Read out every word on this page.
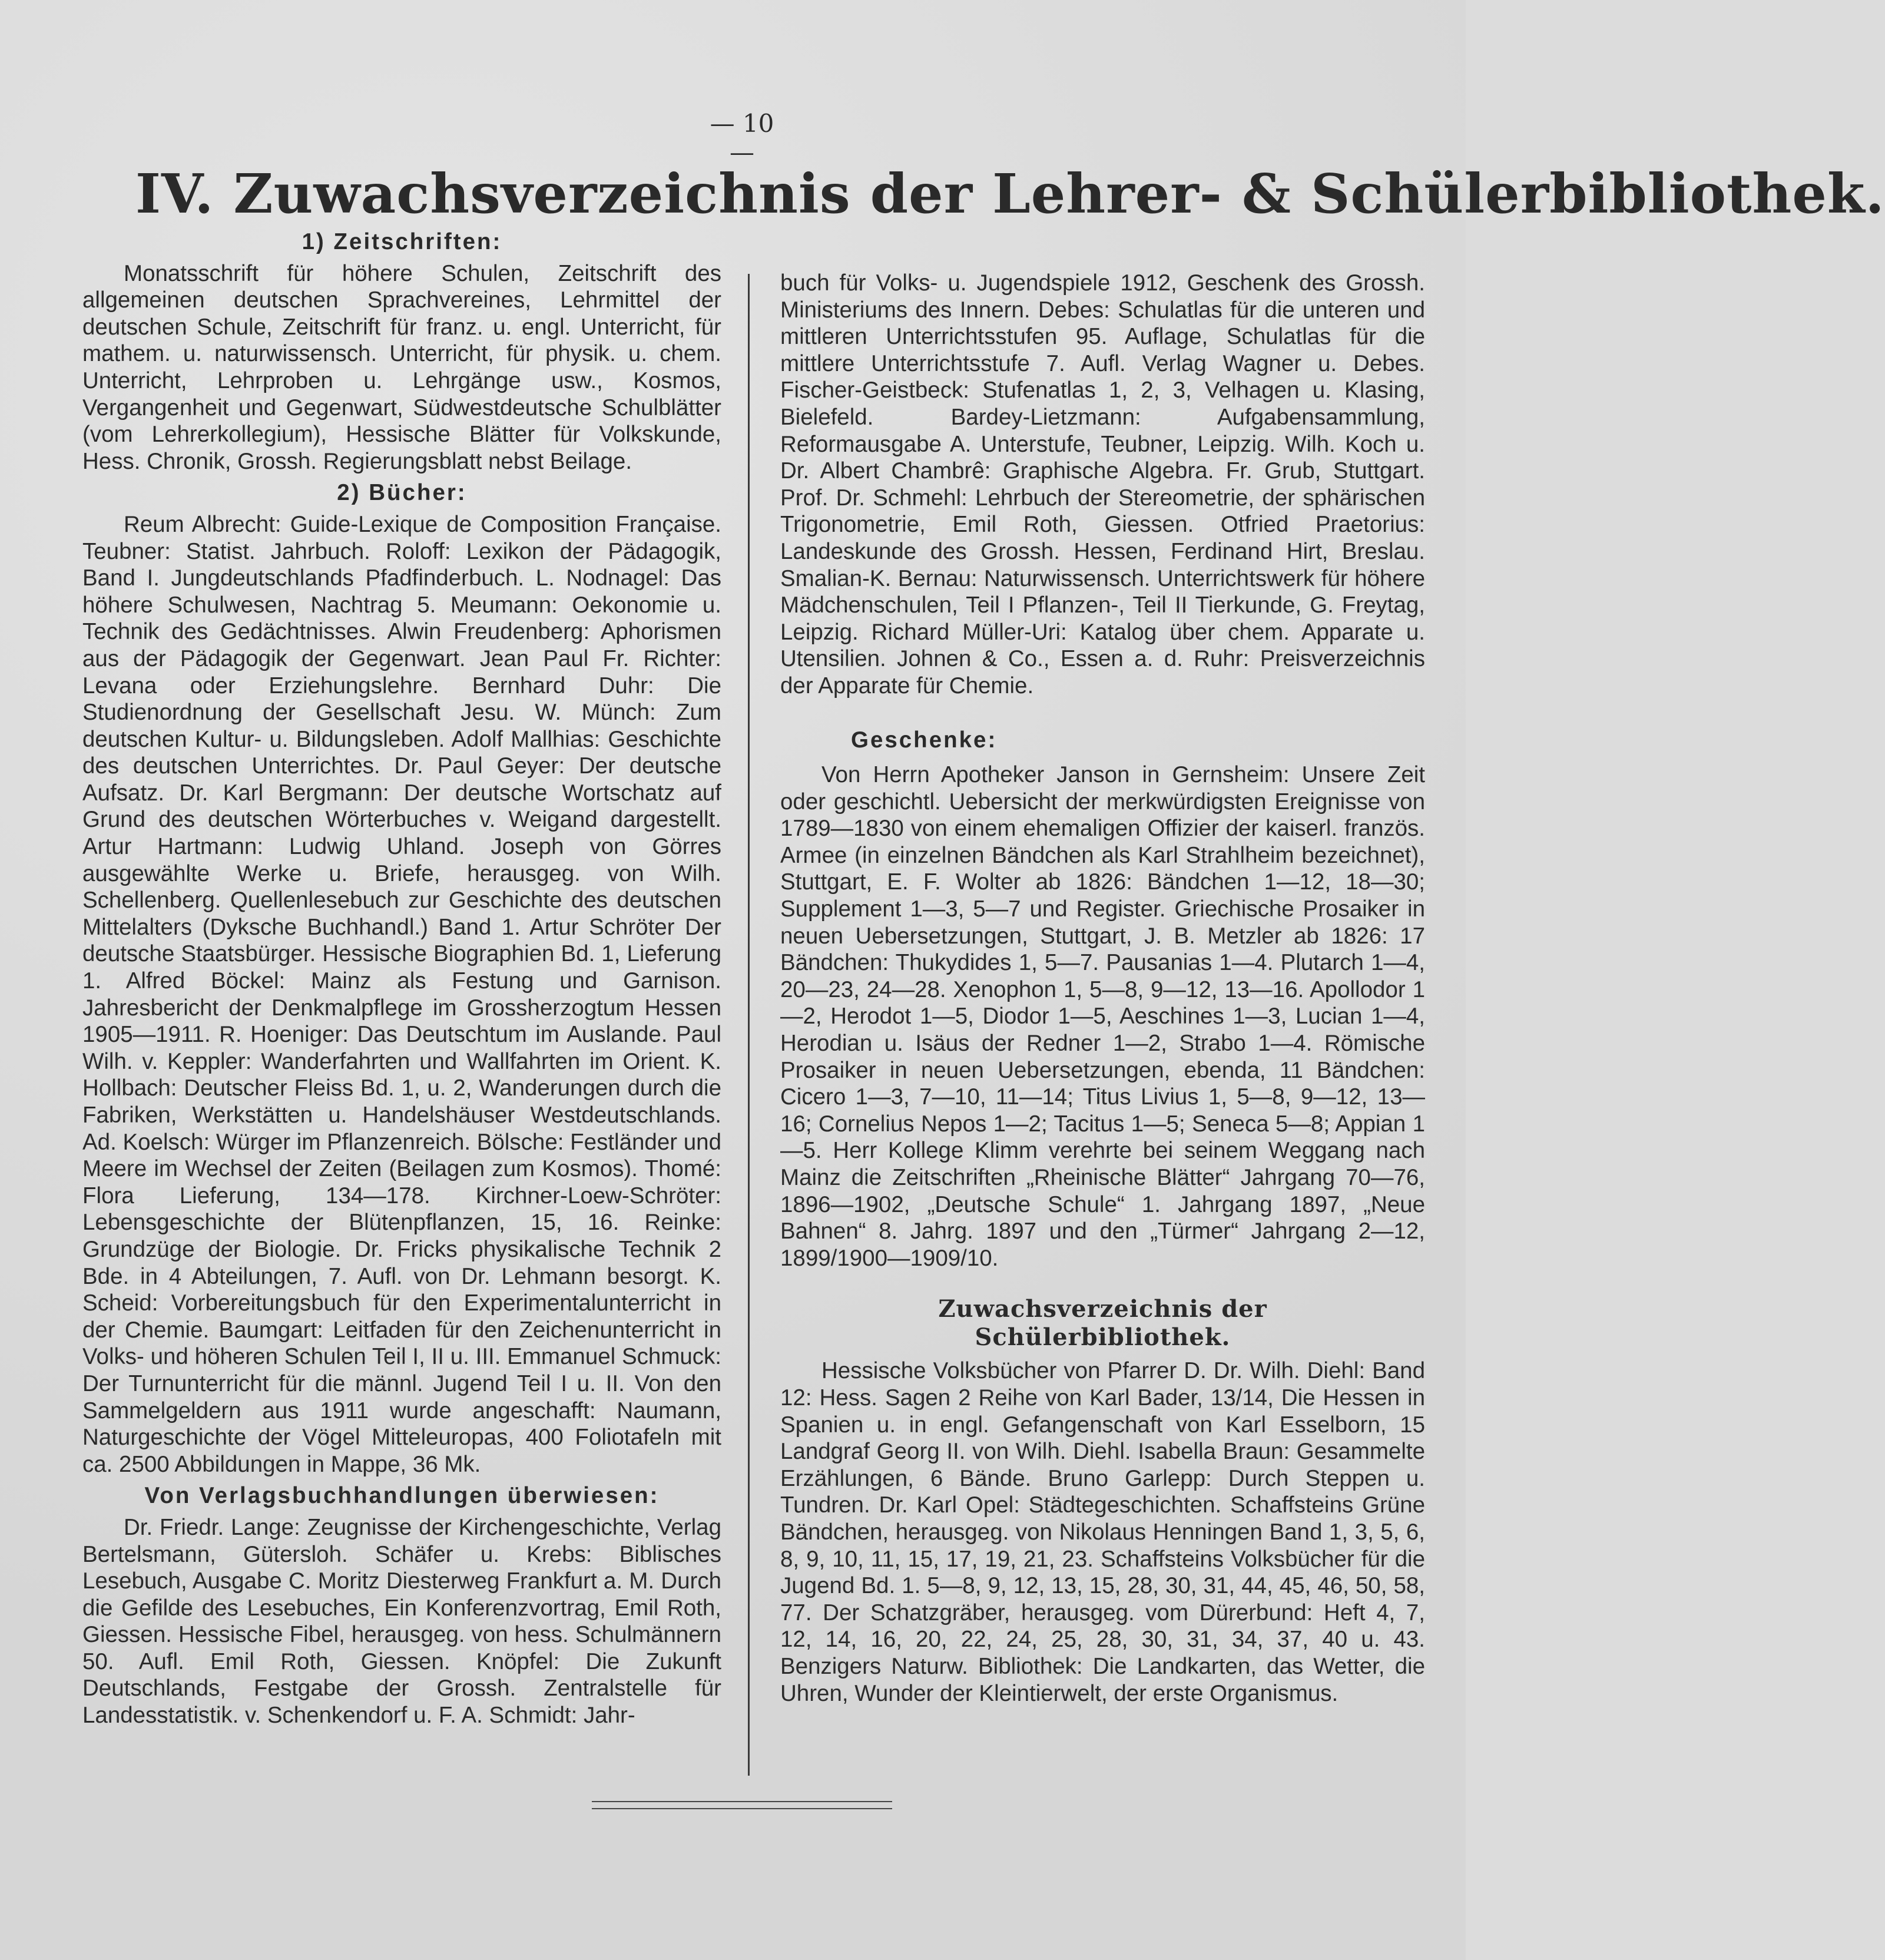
— 10 —
IV. Zuwachsverzeichnis der Lehrer- & Schülerbibliothek.
1) Zeitschriften:

Monatsschrift für höhere Schulen, Zeitschrift des allgemeinen deutschen Sprachvereines, Lehrmittel der deutschen Schule, Zeitschrift für franz. u. engl. Unterricht, für mathem. u. naturwissensch. Unterricht, für physik. u. chem. Unterricht, Lehrproben u. Lehrgänge usw., Kosmos, Vergangenheit und Gegenwart, Südwestdeutsche Schulblätter (vom Lehrerkollegium), Hessische Blätter für Volkskunde, Hess. Chronik, Grossh. Regierungsblatt nebst Beilage.

2) Bücher:

Reum Albrecht: Guide-Lexique de Composition Française. Teubner: Statist. Jahrbuch. Roloff: Lexikon der Pädagogik, Band I. Jungdeutschlands Pfadfinderbuch. L. Nodnagel: Das höhere Schulwesen, Nachtrag 5. Meumann: Oekonomie u. Technik des Gedächtnisses. Alwin Freudenberg: Aphorismen aus der Pädagogik der Gegenwart. Jean Paul Fr. Richter: Levana oder Erziehungslehre. Bernhard Duhr: Die Studienordnung der Gesellschaft Jesu. W. Münch: Zum deutschen Kultur- u. Bildungsleben. Adolf Mallhias: Geschichte des deutschen Unterrichtes. Dr. Paul Geyer: Der deutsche Aufsatz. Dr. Karl Bergmann: Der deutsche Wortschatz auf Grund des deutschen Wörterbuches v. Weigand dargestellt. Artur Hartmann: Ludwig Uhland. Joseph von Görres ausgewählte Werke u. Briefe, herausgeg. von Wilh. Schellenberg. Quellenlesebuch zur Geschichte des deutschen Mittelalters (Dyksche Buchhandl.) Band 1. Artur Schröter Der deutsche Staatsbürger. Hessische Biographien Bd. 1, Lieferung 1. Alfred Böckel: Mainz als Festung und Garnison. Jahresbericht der Denkmalpflege im Grossherzogtum Hessen 1905—1911. R. Hoeniger: Das Deutschtum im Auslande. Paul Wilh. v. Keppler: Wanderfahrten und Wallfahrten im Orient. K. Hollbach: Deutscher Fleiss Bd. 1, u. 2, Wanderungen durch die Fabriken, Werkstätten u. Handelshäuser Westdeutschlands. Ad. Koelsch: Würger im Pflanzenreich. Bölsche: Festländer und Meere im Wechsel der Zeiten (Beilagen zum Kosmos). Thomé: Flora Lieferung, 134—178. Kirchner-Loew-Schröter: Lebensgeschichte der Blütenpflanzen, 15, 16. Reinke: Grundzüge der Biologie. Dr. Fricks physikalische Technik 2 Bde. in 4 Abteilungen, 7. Aufl. von Dr. Lehmann besorgt. K. Scheid: Vorbereitungsbuch für den Experimentalunterricht in der Chemie. Baumgart: Leitfaden für den Zeichenunterricht in Volks- und höheren Schulen Teil I, II u. III. Emmanuel Schmuck: Der Turnunterricht für die männl. Jugend Teil I u. II. Von den Sammelgeldern aus 1911 wurde angeschafft: Naumann, Naturgeschichte der Vögel Mitteleuropas, 400 Foliotafeln mit ca. 2500 Abbildungen in Mappe, 36 Mk.

Von Verlagsbuchhandlungen überwiesen:

Dr. Friedr. Lange: Zeugnisse der Kirchengeschichte, Verlag Bertelsmann, Gütersloh. Schäfer u. Krebs: Biblisches Lesebuch, Ausgabe C. Moritz Diesterweg Frankfurt a. M. Durch die Gefilde des Lesebuches, Ein Konferenzvortrag, Emil Roth, Giessen. Hessische Fibel, herausgeg. von hess. Schulmännern 50. Aufl. Emil Roth, Giessen. Knöpfel: Die Zukunft Deutschlands, Festgabe der Grossh. Zentralstelle für Landesstatistik. v. Schenkendorf u. F. A. Schmidt: Jahr-

buch für Volks- u. Jugendspiele 1912, Geschenk des Grossh. Ministeriums des Innern. Debes: Schulatlas für die unteren und mittleren Unterrichtsstufen 95. Auflage, Schulatlas für die mittlere Unterrichtsstufe 7. Aufl. Verlag Wagner u. Debes. Fischer-Geistbeck: Stufenatlas 1, 2, 3, Velhagen u. Klasing, Bielefeld. Bardey-Lietzmann: Aufgabensammlung, Reformausgabe A. Unterstufe, Teubner, Leipzig. Wilh. Koch u. Dr. Albert Chambrê: Graphische Algebra. Fr. Grub, Stuttgart. Prof. Dr. Schmehl: Lehrbuch der Stereometrie, der sphärischen Trigonometrie, Emil Roth, Giessen. Otfried Praetorius: Landeskunde des Grossh. Hessen, Ferdinand Hirt, Breslau. Smalian-K. Bernau: Naturwissensch. Unterrichtswerk für höhere Mädchenschulen, Teil I Pflanzen-, Teil II Tierkunde, G. Freytag, Leipzig. Richard Müller-Uri: Katalog über chem. Apparate u. Utensilien. Johnen & Co., Essen a. d. Ruhr: Preisverzeichnis der Apparate für Chemie.

Geschenke:

Von Herrn Apotheker Janson in Gernsheim: Unsere Zeit oder geschichtl. Uebersicht der merkwürdigsten Ereignisse von 1789—1830 von einem ehemaligen Offizier der kaiserl. französ. Armee (in einzelnen Bändchen als Karl Strahlheim bezeichnet), Stuttgart, E. F. Wolter ab 1826: Bändchen 1—12, 18—30; Supplement 1—3, 5—7 und Register. Griechische Prosaiker in neuen Uebersetzungen, Stuttgart, J. B. Metzler ab 1826: 17 Bändchen: Thukydides 1, 5—7. Pausanias 1—4. Plutarch 1—4, 20—23, 24—28. Xenophon 1, 5—8, 9—12, 13—16. Apollodor 1—2, Herodot 1—5, Diodor 1—5, Aeschines 1—3, Lucian 1—4, Herodian u. Isäus der Redner 1—2, Strabo 1—4. Römische Prosaiker in neuen Uebersetzungen, ebenda, 11 Bändchen: Cicero 1—3, 7—10, 11—14; Titus Livius 1, 5—8, 9—12, 13—16; Cornelius Nepos 1—2; Tacitus 1—5; Seneca 5—8; Appian 1—5. Herr Kollege Klimm verehrte bei seinem Weggang nach Mainz die Zeitschriften „Rheinische Blätter“ Jahrgang 70—76, 1896—1902, „Deutsche Schule“ 1. Jahrgang 1897, „Neue Bahnen“ 8. Jahrg. 1897 und den „Türmer“ Jahrgang 2—12, 1899/1900—1909/10.

Zuwachsverzeichnis der
Schülerbibliothek.

Hessische Volksbücher von Pfarrer D. Dr. Wilh. Diehl: Band 12: Hess. Sagen 2 Reihe von Karl Bader, 13/14, Die Hessen in Spanien u. in engl. Gefangenschaft von Karl Esselborn, 15 Landgraf Georg II. von Wilh. Diehl. Isabella Braun: Gesammelte Erzählungen, 6 Bände. Bruno Garlepp: Durch Steppen u. Tundren. Dr. Karl Opel: Städtegeschichten. Schaffsteins Grüne Bändchen, herausgeg. von Nikolaus Henningen Band 1, 3, 5, 6, 8, 9, 10, 11, 15, 17, 19, 21, 23. Schaffsteins Volksbücher für die Jugend Bd. 1. 5—8, 9, 12, 13, 15, 28, 30, 31, 44, 45, 46, 50, 58, 77. Der Schatzgräber, herausgeg. vom Dürerbund: Heft 4, 7, 12, 14, 16, 20, 22, 24, 25, 28, 30, 31, 34, 37, 40 u. 43. Benzigers Naturw. Bibliothek: Die Landkarten, das Wetter, die Uhren, Wunder der Kleintierwelt, der erste Organismus.
